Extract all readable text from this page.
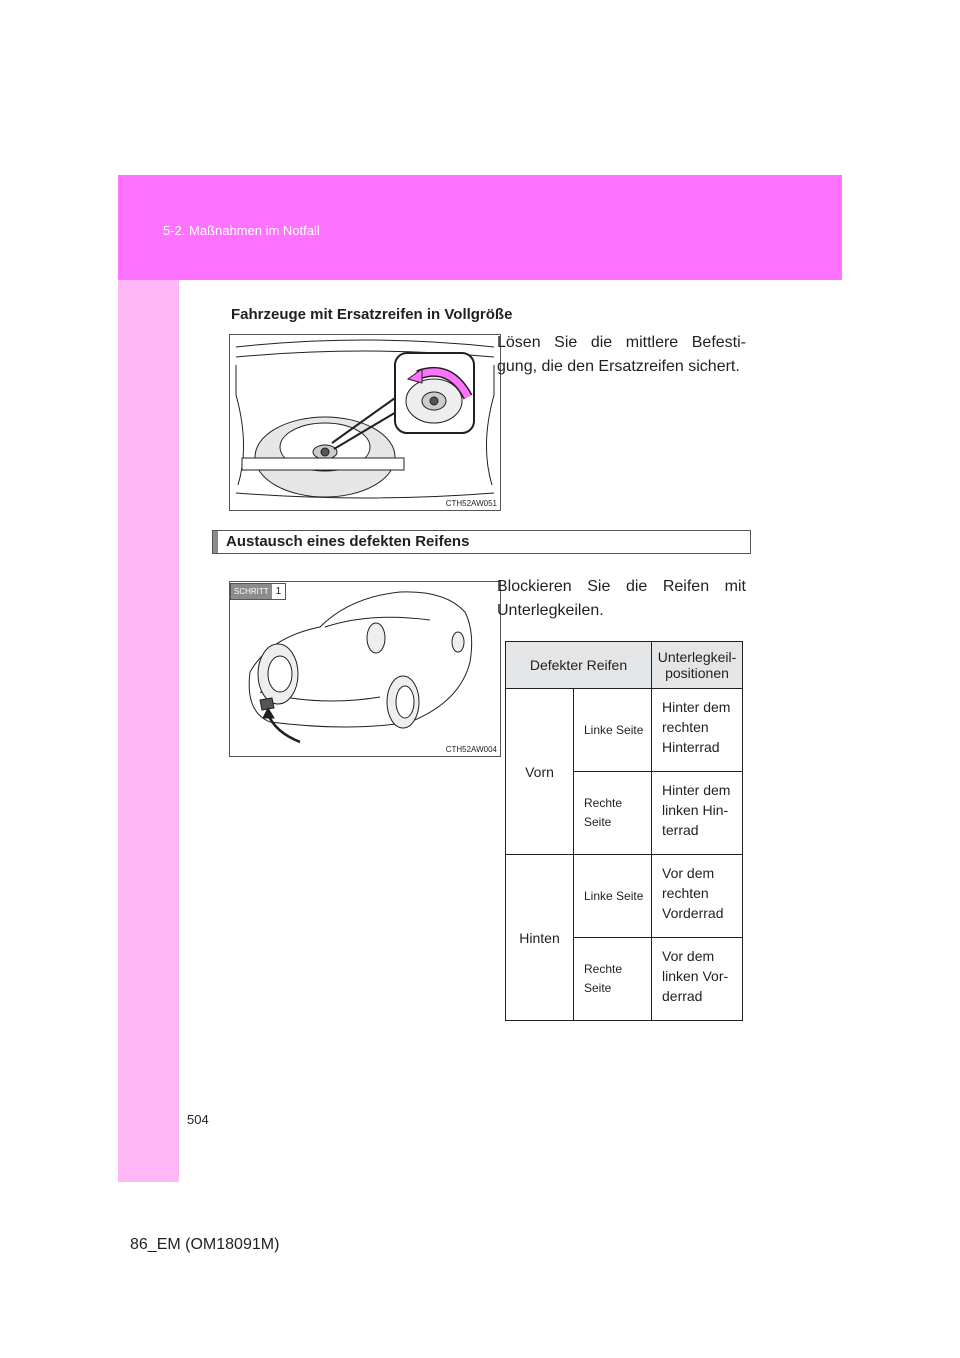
5-2. Maßnahmen im Notfall
Fahrzeuge mit Ersatzreifen in Vollgröße
CTH52AW051
Lösen Sie die mittlere Befesti- gung, die den Ersatzreifen sichert.
Austausch eines defekten Reifens
SCHRITT 1
CTH52AW004
Blockieren Sie die Reifen mit Unterlegkeilen.
Defekter Reifen		Unterlegkeil- positionen
Vorn	Linke Seite	Hinter dem rechten Hinterrad
	Rechte Seite	Hinter dem linken Hin- terrad
Hinten	Linke Seite	Vor dem rechten Vorderrad
	Rechte Seite	Vor dem linken Vor- derrad
504
86_EM (OM18091M)
